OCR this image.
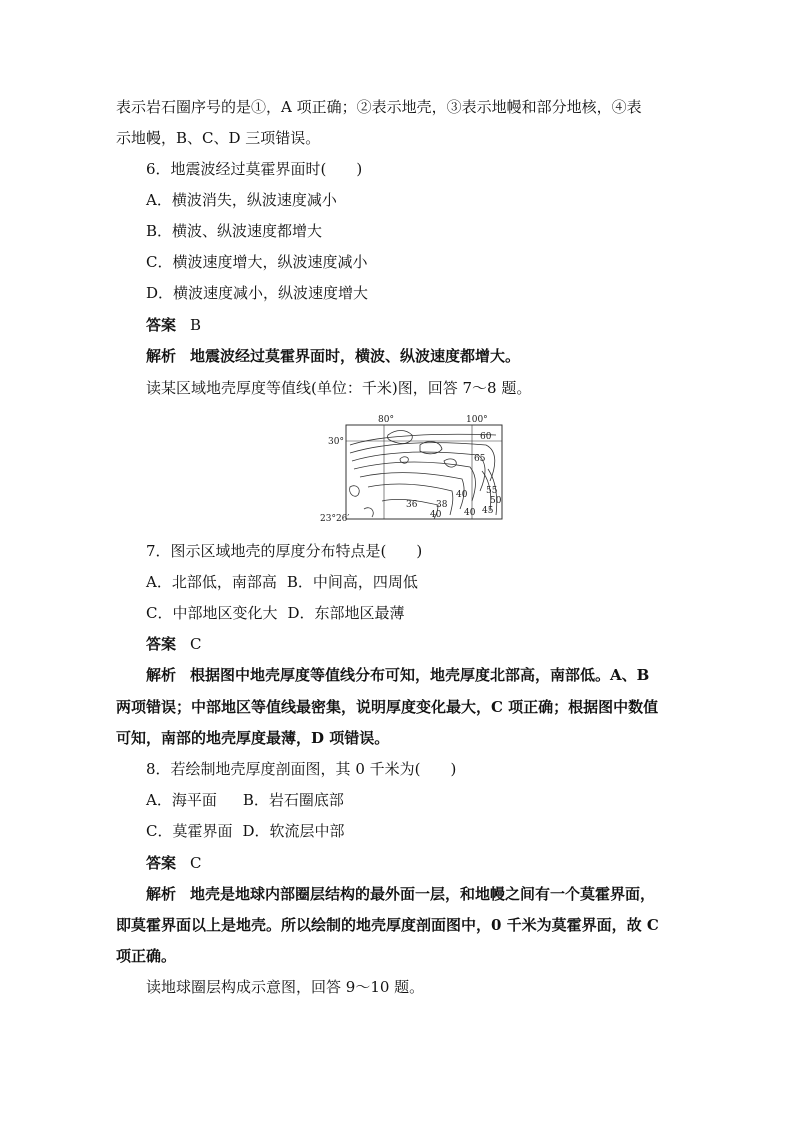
表示岩石圈序号的是①，A 项正确；②表示地壳，③表示地幔和部分地核，④表
示地幔，B、C、D 三项错误。
6．地震波经过莫霍界面时(　　)
A．横波消失，纵波速度减小
B．横波、纵波速度都增大
C．横波速度增大，纵波速度减小
D．横波速度减小，纵波速度增大
答案 B
解析 地震波经过莫霍界面时，横波、纵波速度都增大。
读某区域地壳厚度等值线(单位：千米)图，回答 7～8 题。
80°	100°
30°
23°26′
60
65
55
50
45
40
40
38
36
40
7．图示区域地壳的厚度分布特点是(　　)
A．北部低，南部高 B．中间高，四周低
C．中部地区变化大 D．东部地区最薄
答案 C
解析 根据图中地壳厚度等值线分布可知，地壳厚度北部高，南部低。A、B
两项错误；中部地区等值线最密集，说明厚度变化最大，C 项正确；根据图中数值
可知，南部的地壳厚度最薄，D 项错误。
8．若绘制地壳厚度剖面图，其 0 千米为(　　)
A．海平面 B．岩石圈底部
C．莫霍界面 D．软流层中部
答案 C
解析 地壳是地球内部圈层结构的最外面一层，和地幔之间有一个莫霍界面，
即莫霍界面以上是地壳。所以绘制的地壳厚度剖面图中，0 千米为莫霍界面，故 C
项正确。
读地球圈层构成示意图，回答 9～10 题。
